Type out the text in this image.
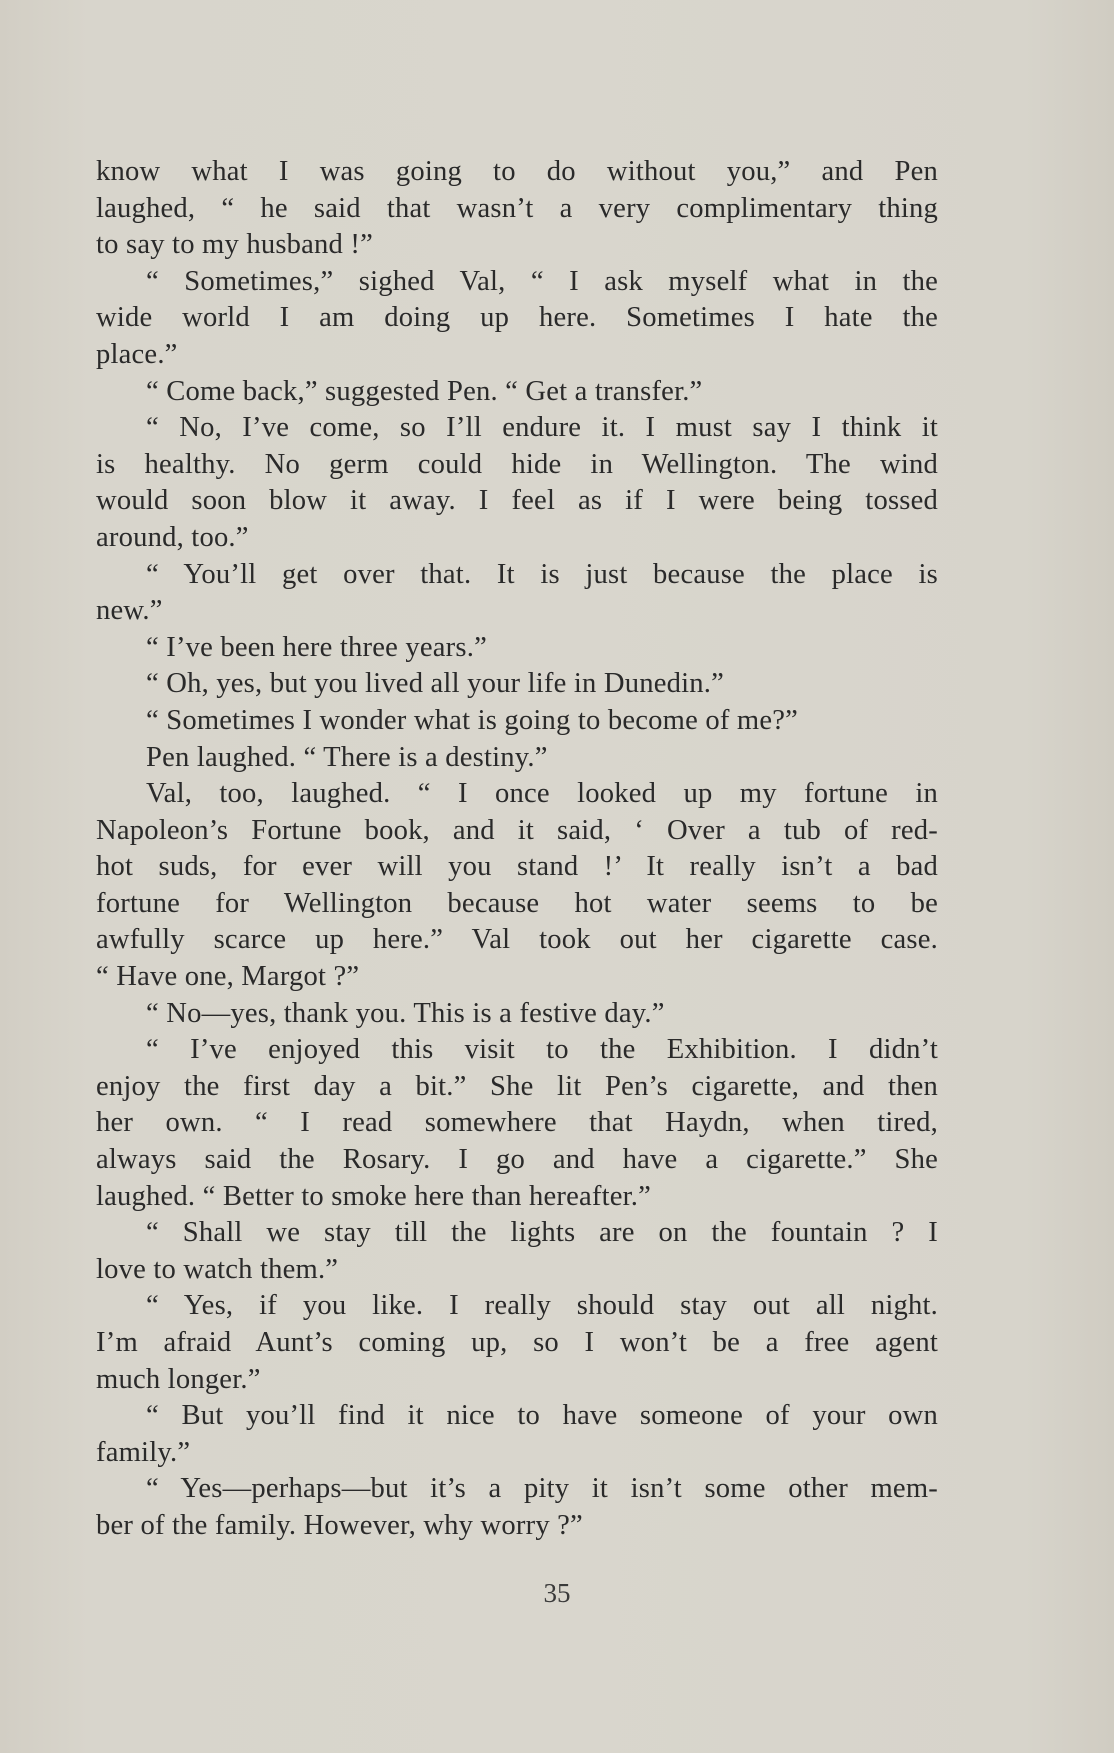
know what I was going to do without you,” and Pen
laughed, “ he said that wasn’t a very complimentary thing
to say to my husband !”
“ Sometimes,” sighed Val, “ I ask myself what in the
wide world I am doing up here. Sometimes I hate the
place.”
“ Come back,” suggested Pen. “ Get a transfer.”
“ No, I’ve come, so I’ll endure it. I must say I think it
is healthy. No germ could hide in Wellington. The wind
would soon blow it away. I feel as if I were being tossed
around, too.”
“ You’ll get over that. It is just because the place is
new.”
“ I’ve been here three years.”
“ Oh, yes, but you lived all your life in Dunedin.”
“ Sometimes I wonder what is going to become of me?”
Pen laughed. “ There is a destiny.”
Val, too, laughed. “ I once looked up my fortune in
Napoleon’s Fortune book, and it said, ‘ Over a tub of red-
hot suds, for ever will you stand !’ It really isn’t a bad
fortune for Wellington because hot water seems to be
awfully scarce up here.” Val took out her cigarette case.
“ Have one, Margot ?”
“ No—yes, thank you. This is a festive day.”
“ I’ve enjoyed this visit to the Exhibition. I didn’t
enjoy the first day a bit.” She lit Pen’s cigarette, and then
her own. “ I read somewhere that Haydn, when tired,
always said the Rosary. I go and have a cigarette.” She
laughed. “ Better to smoke here than hereafter.”
“ Shall we stay till the lights are on the fountain ? I
love to watch them.”
“ Yes, if you like. I really should stay out all night.
I’m afraid Aunt’s coming up, so I won’t be a free agent
much longer.”
“ But you’ll find it nice to have someone of your own
family.”
“ Yes—perhaps—but it’s a pity it isn’t some other mem-
ber of the family. However, why worry ?”
35
